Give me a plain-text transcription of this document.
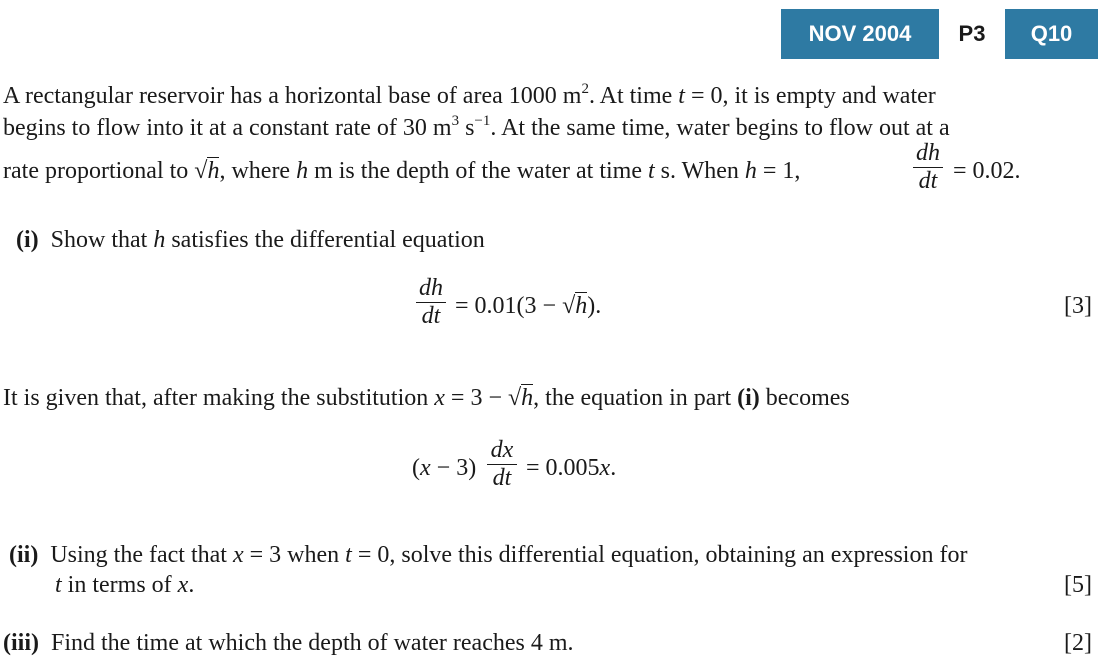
NOV 2004	P3	Q10
A rectangular reservoir has a horizontal base of area 1000 $m^2$. At time t = 0, it is empty and water
begins to flow into it at a constant rate of 30 $m^3$ $s^{-1}$. At the same time, water begins to flow out at a
rate proportional to √h, where h m is the depth of the water at time t s. When h = 1,	$\frac{dh}{dt} = 0.02$.
(i) Show that h satisfies the differential equation
$\frac{dh}{dt} = 0.01(3 - √h)$.	[3]
It is given that, after making the substitution x = 3 − √h, the equation in part (i) becomes
$(x - 3) \frac{dx}{dt} = 0.005x$.
(ii) Using the fact that x = 3 when t = 0, solve this differential equation, obtaining an expression for
t in terms of x.	[5]
(iii) Find the time at which the depth of water reaches 4 m.	[2]
